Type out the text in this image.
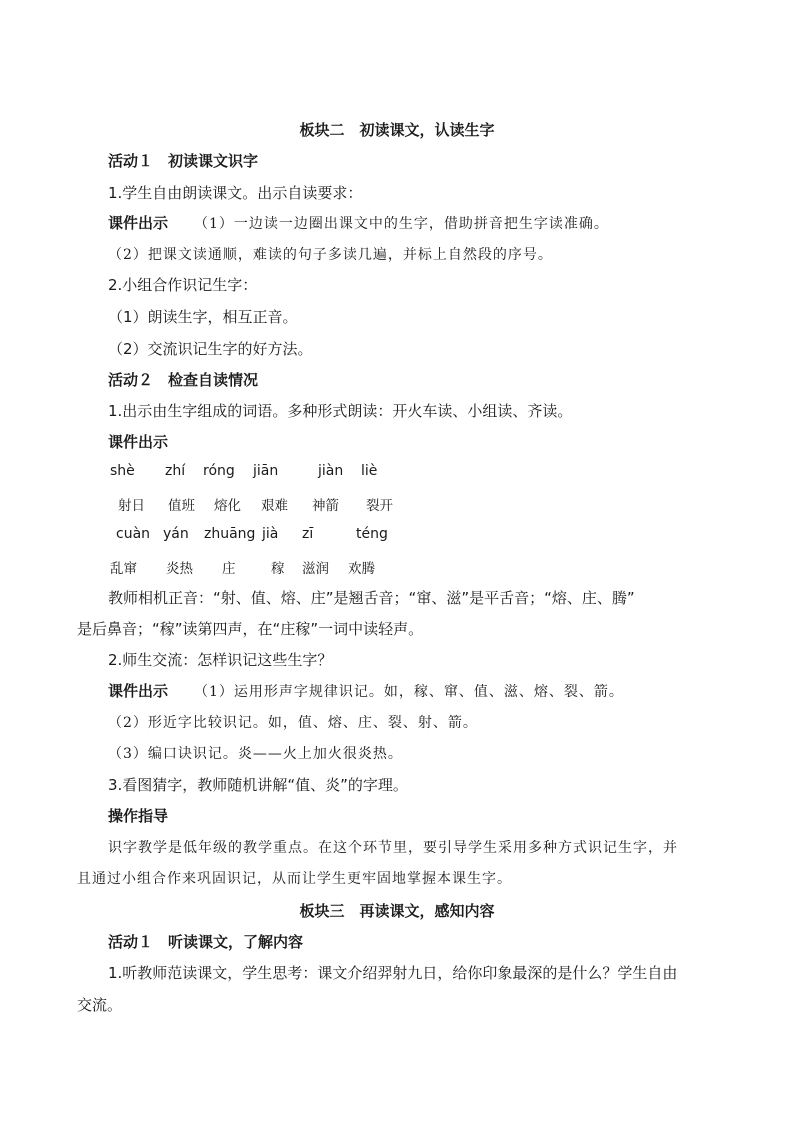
板块二　初读课文，认读生字
活动１　初读课文识字
1.学生自由朗读课文。出示自读要求：
课件出示 （1）一边读一边圈出课文中的生字，借助拼音把生字读准确。
（2）把课文读通顺，难读的句子多读几遍，并标上自然段的序号。
2.小组合作识记生字：
（1）朗读生字，相互正音。
（2）交流识记生字的好方法。
活动２　检查自读情况
1.出示由生字组成的词语。多种形式朗读：开火车读、小组读、齐读。
课件出示
shè zhí róng jiān	jiàn liè
射日 值班 熔化 艰难 神箭 裂开
cuàn yán zhuāng jià zī	téng
乱窜 炎热 庄	稼 滋润 欢腾
教师相机正音：“射、值、熔、庄”是翘舌音；“窜、滋”是平舌音；“熔、庄、腾”
是后鼻音；“稼”读第四声，在“庄稼”一词中读轻声。
2.师生交流：怎样识记这些生字？
课件出示 （1）运用形声字规律识记。如，稼、窜、值、滋、熔、裂、箭。
（2）形近字比较识记。如，值、熔、庄、裂、射、箭。
（3）编口诀识记。炎——火上加火很炎热。
3.看图猜字，教师随机讲解“值、炎”的字理。
操作指导
识字教学是低年级的教学重点。在这个环节里，要引导学生采用多种方式识记生字，并
且通过小组合作来巩固识记，从而让学生更牢固地掌握本课生字。
板块三　再读课文，感知内容
活动１　听读课文，了解内容
1.听教师范读课文，学生思考：课文介绍羿射九日，给你印象最深的是什么？学生自由
交流。
